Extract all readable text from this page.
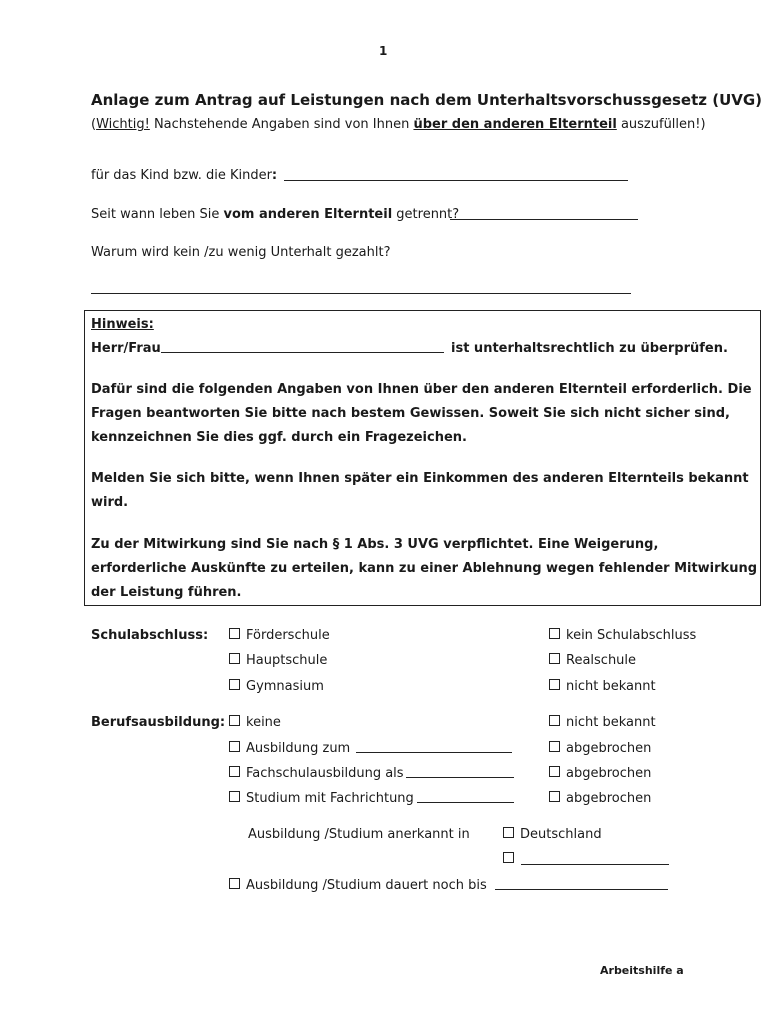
1
Anlage zum Antrag auf Leistungen nach dem Unterhaltsvorschussgesetz (UVG)
(Wichtig! Nachstehende Angaben sind von Ihnen über den anderen Elternteil auszufüllen!)
für das Kind bzw. die Kinder:
Seit wann leben Sie vom anderen Elternteil getrennt?
Warum wird kein /zu wenig Unterhalt gezahlt?
Hinweis:
Herr/Frau	ist unterhaltsrechtlich zu überprüfen.
Dafür sind die folgenden Angaben von Ihnen über den anderen Elternteil erforderlich. Die
Fragen beantworten Sie bitte nach bestem Gewissen. Soweit Sie sich nicht sicher sind,
kennzeichnen Sie dies ggf. durch ein Fragezeichen.
Melden Sie sich bitte, wenn Ihnen später ein Einkommen des anderen Elternteils bekannt
wird.
Zu der Mitwirkung sind Sie nach § 1 Abs. 3 UVG verpflichtet. Eine Weigerung,
erforderliche Auskünfte zu erteilen, kann zu einer Ablehnung wegen fehlender Mitwirkung
der Leistung führen.
Schulabschluss:	Förderschule	kein Schulabschluss
Hauptschule	Realschule
Gymnasium	nicht bekannt
Berufsausbildung:	keine	nicht bekannt
Ausbildung zum	abgebrochen
Fachschulausbildung als	abgebrochen
Studium mit Fachrichtung	abgebrochen
Ausbildung /Studium anerkannt in	Deutschland
Ausbildung /Studium dauert noch bis
Arbeitshilfe a
